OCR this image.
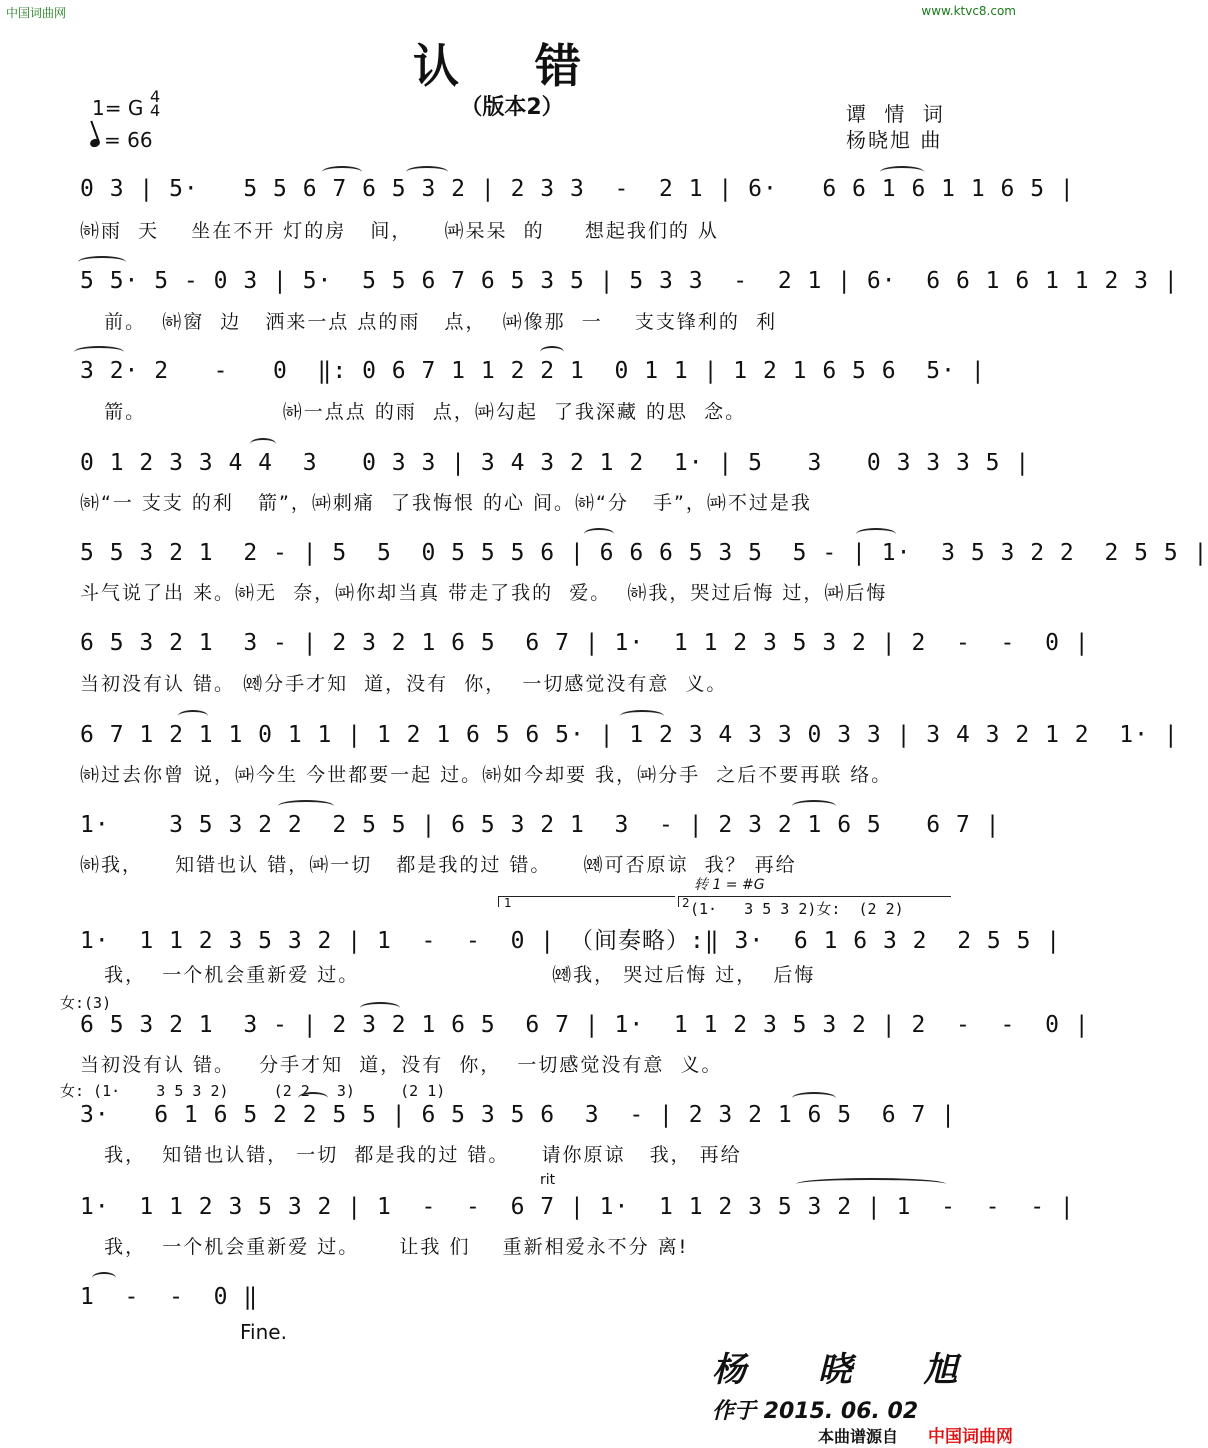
中国词曲网	www.ktvc8.com
认 错
（版本2）
1= G 4
4
= 66
谭 情 词
杨晓旭 曲
0 3 | 5·   5 5 6 7 6 5 3 2 | 2 3 3  -  2 1 | 6·   6 6 1 6 1 1 6 5 |
㈛雨  天    坐在不开 灯的房   间，    ㈚呆呆  的     想起我们的 从
5 5· 5 - 0 3 | 5·  5 5 6 7 6 5 3 5 | 5 3 3  -  2 1 | 6·  6 6 1 6 1 1 2 3 |
前。  ㈛窗  边   洒来一点 点的雨   点，  ㈚像那  一    支支锋利的  利
3 2· 2   -   0  ‖: 0 6 7 1 1 2 2 1  0 1 1 | 1 2 1 6 5 6  5· |
箭。                 ㈛一点点 的雨  点，㈚勾起  了我深藏 的思  念。
0 1 2 3 3 4 4  3   0 3 3 | 3 4 3 2 1 2  1· | 5   3   0 3 3 3 5 |
㈛“一 支支 的利   箭”，㈚刺痛  了我悔恨 的心 间。㈛“分   手”，㈚不过是我
5 5 3 2 1  2 - | 5  5  0 5 5 5 6 | 6 6 6 5 3 5  5 - | 1·  3 5 3 2 2  2 5 5 |
斗气说了出 来。㈛无  奈，㈚你却当真 带走了我的  爱。  ㈛我，哭过后悔 过，㈚后悔
6 5 3 2 1  3 - | 2 3 2 1 6 5  6 7 | 1·  1 1 2 3 5 3 2 | 2  -  -  0 |
当初没有认 错。 ㈝分手才知  道，没有  你，  一切感觉没有意  义。
6 7 1 2 1 1 0 1 1 | 1 2 1 6 5 6 5· | 1 2 3 4 3 3 0 3 3 | 3 4 3 2 1 2  1· |
㈛过去你曾 说，㈚今生 今世都要一起 过。㈛如今却要 我，㈚分手  之后不要再联 络。
1·    3 5 3 2 2  2 5 5 | 6 5 3 2 1  3  - | 2 3 2 1 6 5   6 7 |
㈛我，    知错也认 错，㈚一切   都是我的过 错。    ㈝可否原谅  我？ 再给
1	2
转 1 = #G
(1·   3 5 3 2)女:  (2 2)
1·  1 1 2 3 5 3 2 | 1  -  -  0 | （间奏略）:‖ 3·  6 1 6 3 2  2 5 5 |
我，  一个机会重新爱 过。                        ㈝我， 哭过后悔 过，  后悔
女:(3)
6 5 3 2 1  3 - | 2 3 2 1 6 5  6 7 | 1·  1 1 2 3 5 3 2 | 2  -  -  0 |
当初没有认 错。   分手才知  道，没有  你，  一切感觉没有意  义。
女: (1·    3 5 3 2)     (2 2   3)     (2 1)
3·   6 1 6 5 2 2 5 5 | 6 5 3 5 6  3  - | 2 3 2 1 6 5  6 7 |
我，  知错也认错， 一切  都是我的过 错。    请你原谅   我， 再给
rit
1·  1 1 2 3 5 3 2 | 1  -  -  6 7 | 1·  1 1 2 3 5 3 2 | 1  -  -  - |
我，  一个机会重新爱 过。     让我 们    重新相爱永不分 离!
1  -  -  0 ‖
Fine.
杨 晓 旭
作于 2015. 06. 02
本曲谱源自 中国词曲网
